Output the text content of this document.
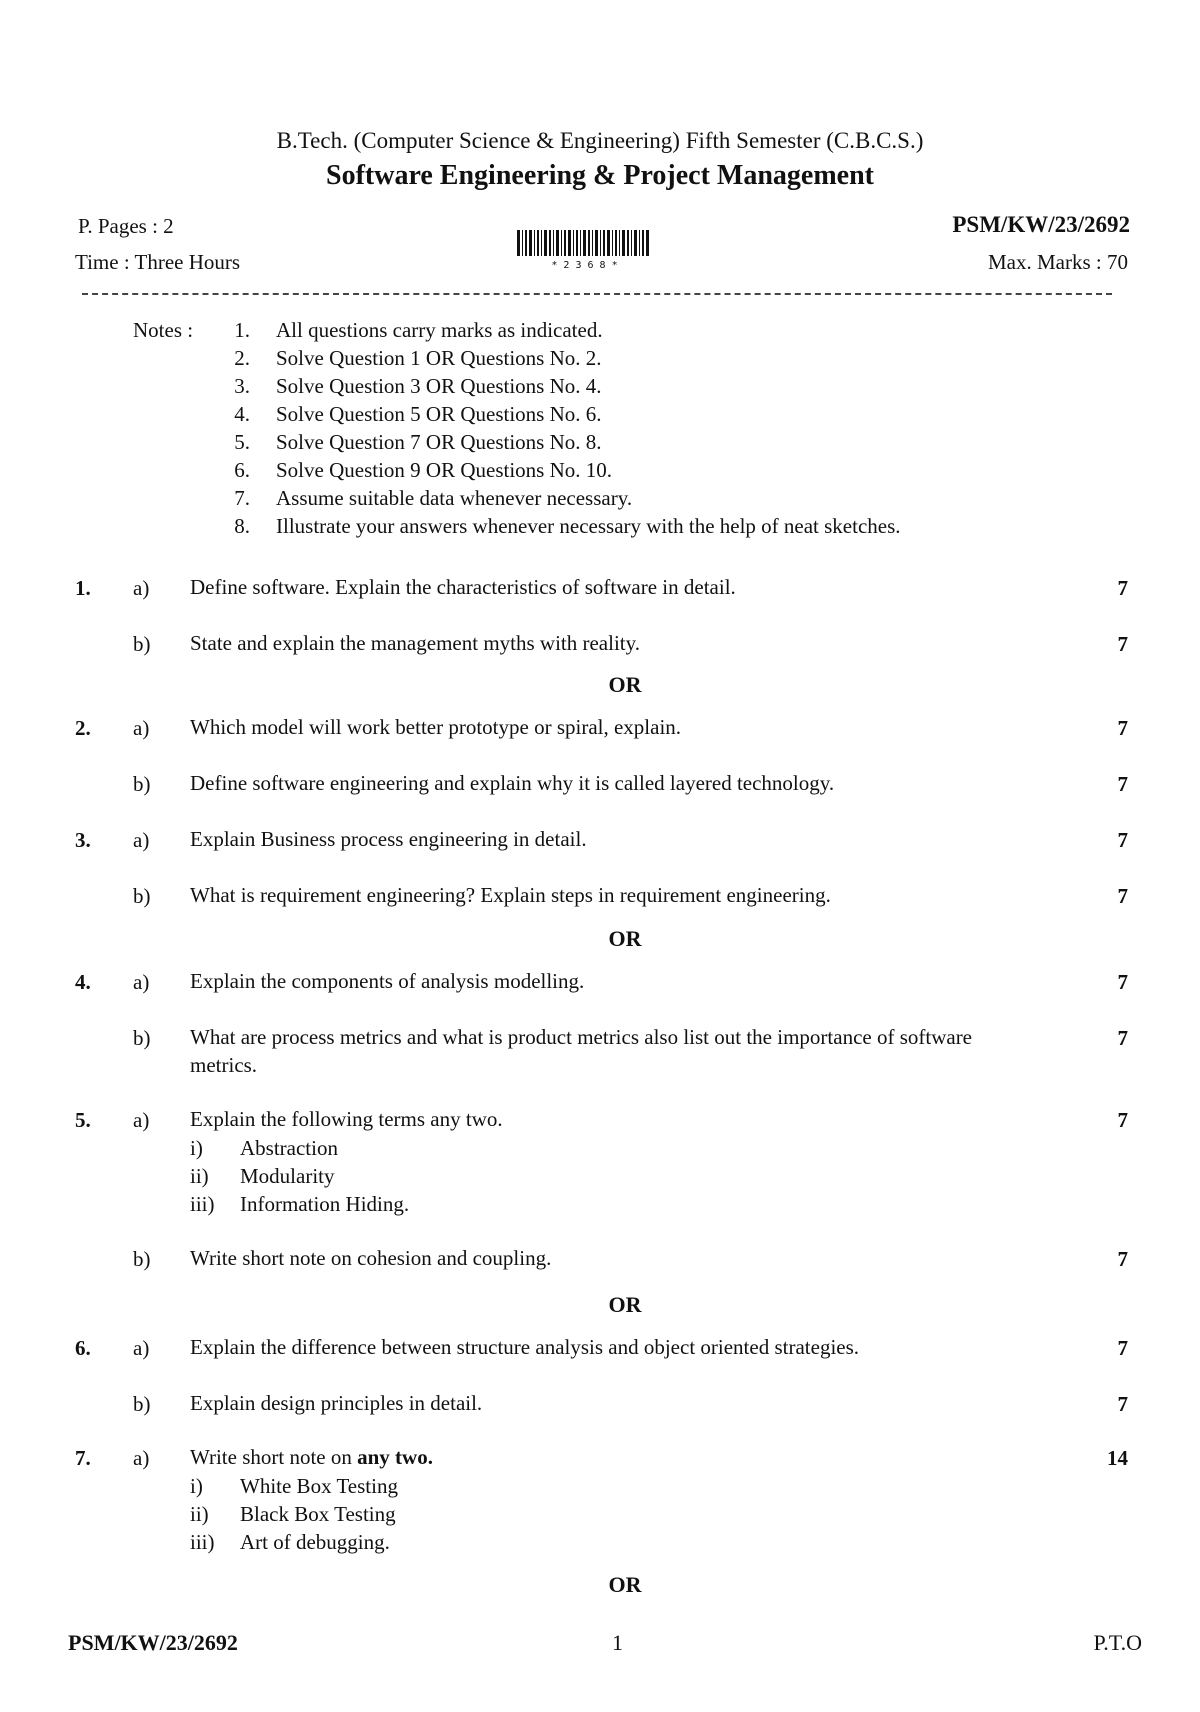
B.Tech. (Computer Science & Engineering) Fifth Semester (C.B.C.S.)
Software Engineering & Project Management
P. Pages : 2
Time : Three Hours
PSM/KW/23/2692
Max. Marks : 70
* 2 3 6 8 *
Notes :	1. All questions carry marks as indicated.
2. Solve Question 1 OR Questions No. 2.
3. Solve Question 3 OR Questions No. 4.
4. Solve Question 5 OR Questions No. 6.
5. Solve Question 7 OR Questions No. 8.
6. Solve Question 9 OR Questions No. 10.
7. Assume suitable data whenever necessary.
8. Illustrate your answers whenever necessary with the help of neat sketches.
1. a) Define software. Explain the characteristics of software in detail.	7
b) State and explain the management myths with reality.	7
OR
2. a) Which model will work better prototype or spiral, explain.	7
b) Define software engineering and explain why it is called layered technology.	7
3. a) Explain Business process engineering in detail.	7
b) What is requirement engineering? Explain steps in requirement engineering.	7
OR
4. a) Explain the components of analysis modelling.	7
b) What are process metrics and what is product metrics also list out the importance of software metrics.
7
5. a) Explain the following terms any two.	7
i) Abstraction
ii) Modularity
iii) Information Hiding.
b) Write short note on cohesion and coupling.	7
OR
6. a) Explain the difference between structure analysis and object oriented strategies.	7
b) Explain design principles in detail.	7
7. a) Write short note on any two.	14
i) White Box Testing
ii) Black Box Testing
iii) Art of debugging.
OR
PSM/KW/23/2692	1	P.T.O
